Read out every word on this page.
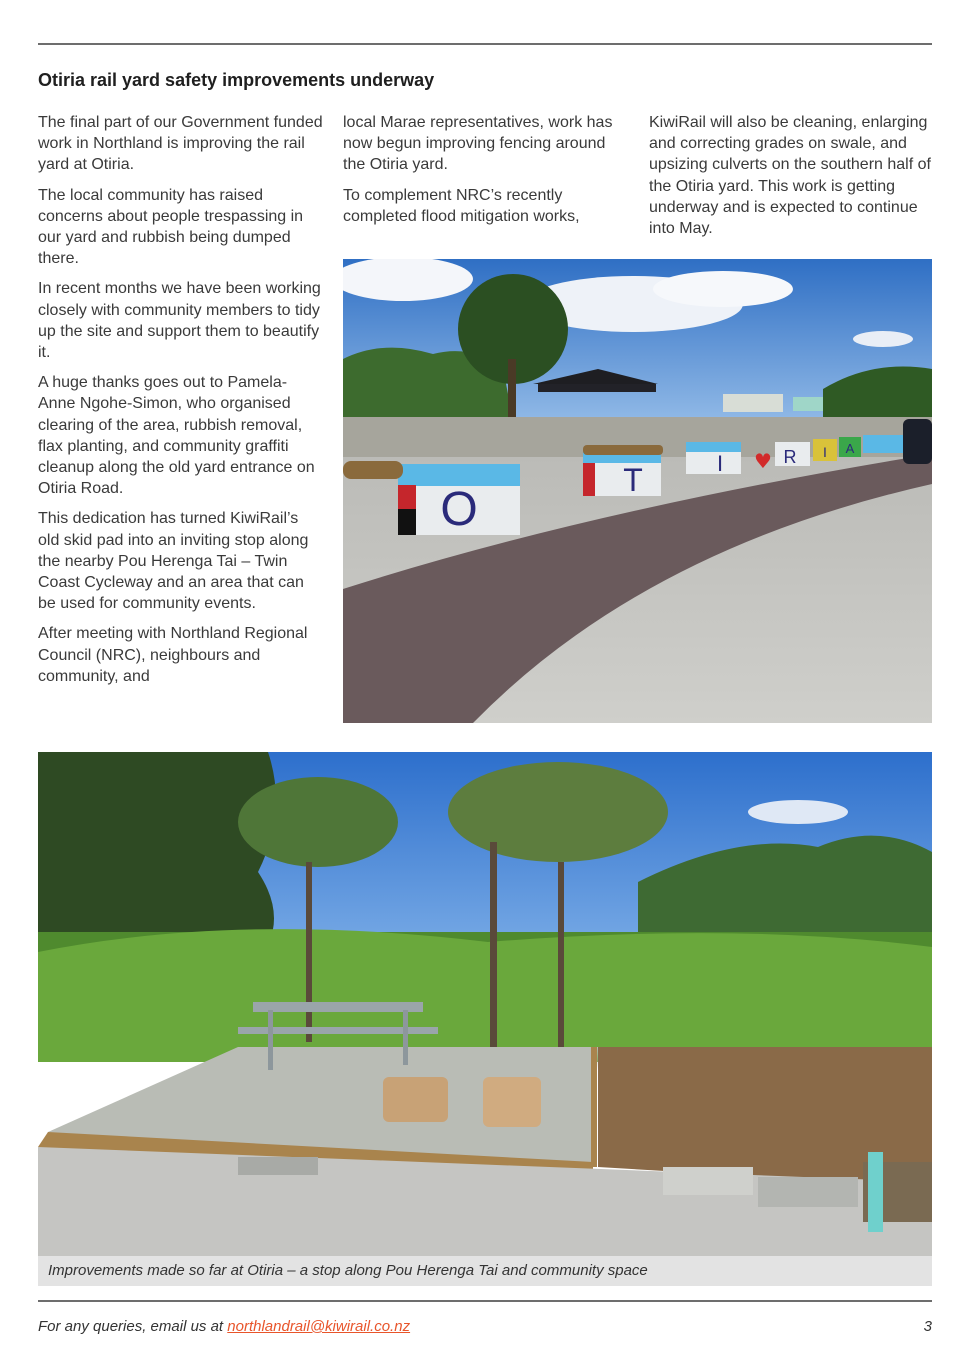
Otiria rail yard safety improvements underway

The final part of our Government funded work in Northland is improving the rail yard at Otiria.

The local community has raised concerns about people trespassing in our yard and rubbish being dumped there.

In recent months we have been working closely with community members to tidy up the site and support them to beautify it.

A huge thanks goes out to Pamela-Anne Ngohe-Simon, who organised clearing of the area, rubbish removal, flax planting, and community graffiti cleanup along the old yard entrance on Otiria Road.

This dedication has turned KiwiRail’s old skid pad into an inviting stop along the nearby Pou Herenga Tai – Twin Coast Cycleway and an area that can be used for community events.

After meeting with Northland Regional Council (NRC), neighbours and community, and

local Marae representatives, work has now begun improving fencing around the Otiria yard.

To complement NRC’s recently completed flood mitigation works,

KiwiRail will also be cleaning, enlarging and correcting grades on swale, and upsizing culverts on the southern half of the Otiria yard. This work is getting underway and is expected to continue into May.

O
T	I ♥ R I A
Improvements made so far at Otiria – a stop along Pou Herenga Tai and community space
For any queries, email us at northlandrail@kiwirail.co.nz	3
